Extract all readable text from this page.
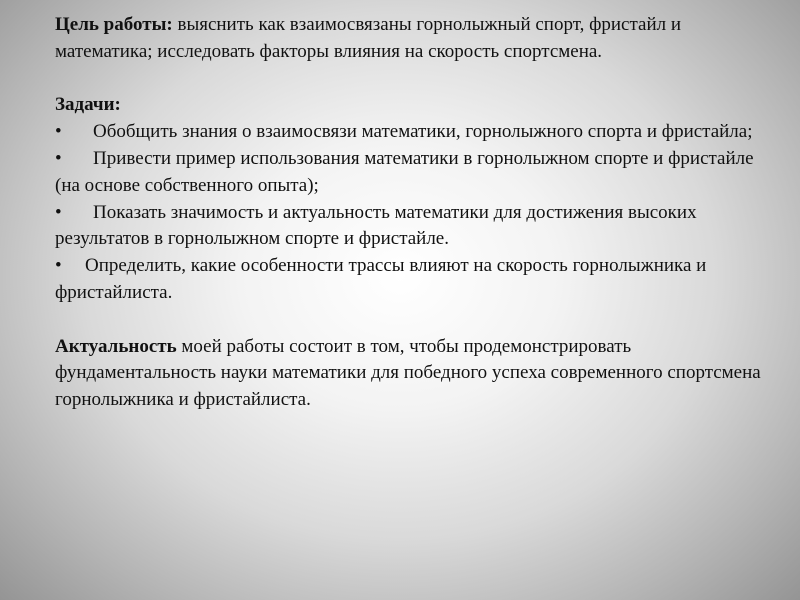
Цель работы: выяснить как взаимосвязаны горнолыжный спорт, фристайл и математика; исследовать факторы влияния на скорость спортсмена.

Задачи:

• Обобщить знания о взаимосвязи математики, горнолыжного спорта и фристайла;

• Привести пример использования математики в горнолыжном спорте и фристайле (на основе собственного опыта);

• Показать значимость и актуальность математики для достижения высоких результатов в горнолыжном спорте и фристайле.

• Определить, какие особенности трассы влияют на скорость горнолыжника и фристайлиста.

Актуальность моей работы состоит в том, чтобы продемонстрировать фундаментальность науки математики для победного успеха современного спортсмена горнолыжника и фристайлиста.
